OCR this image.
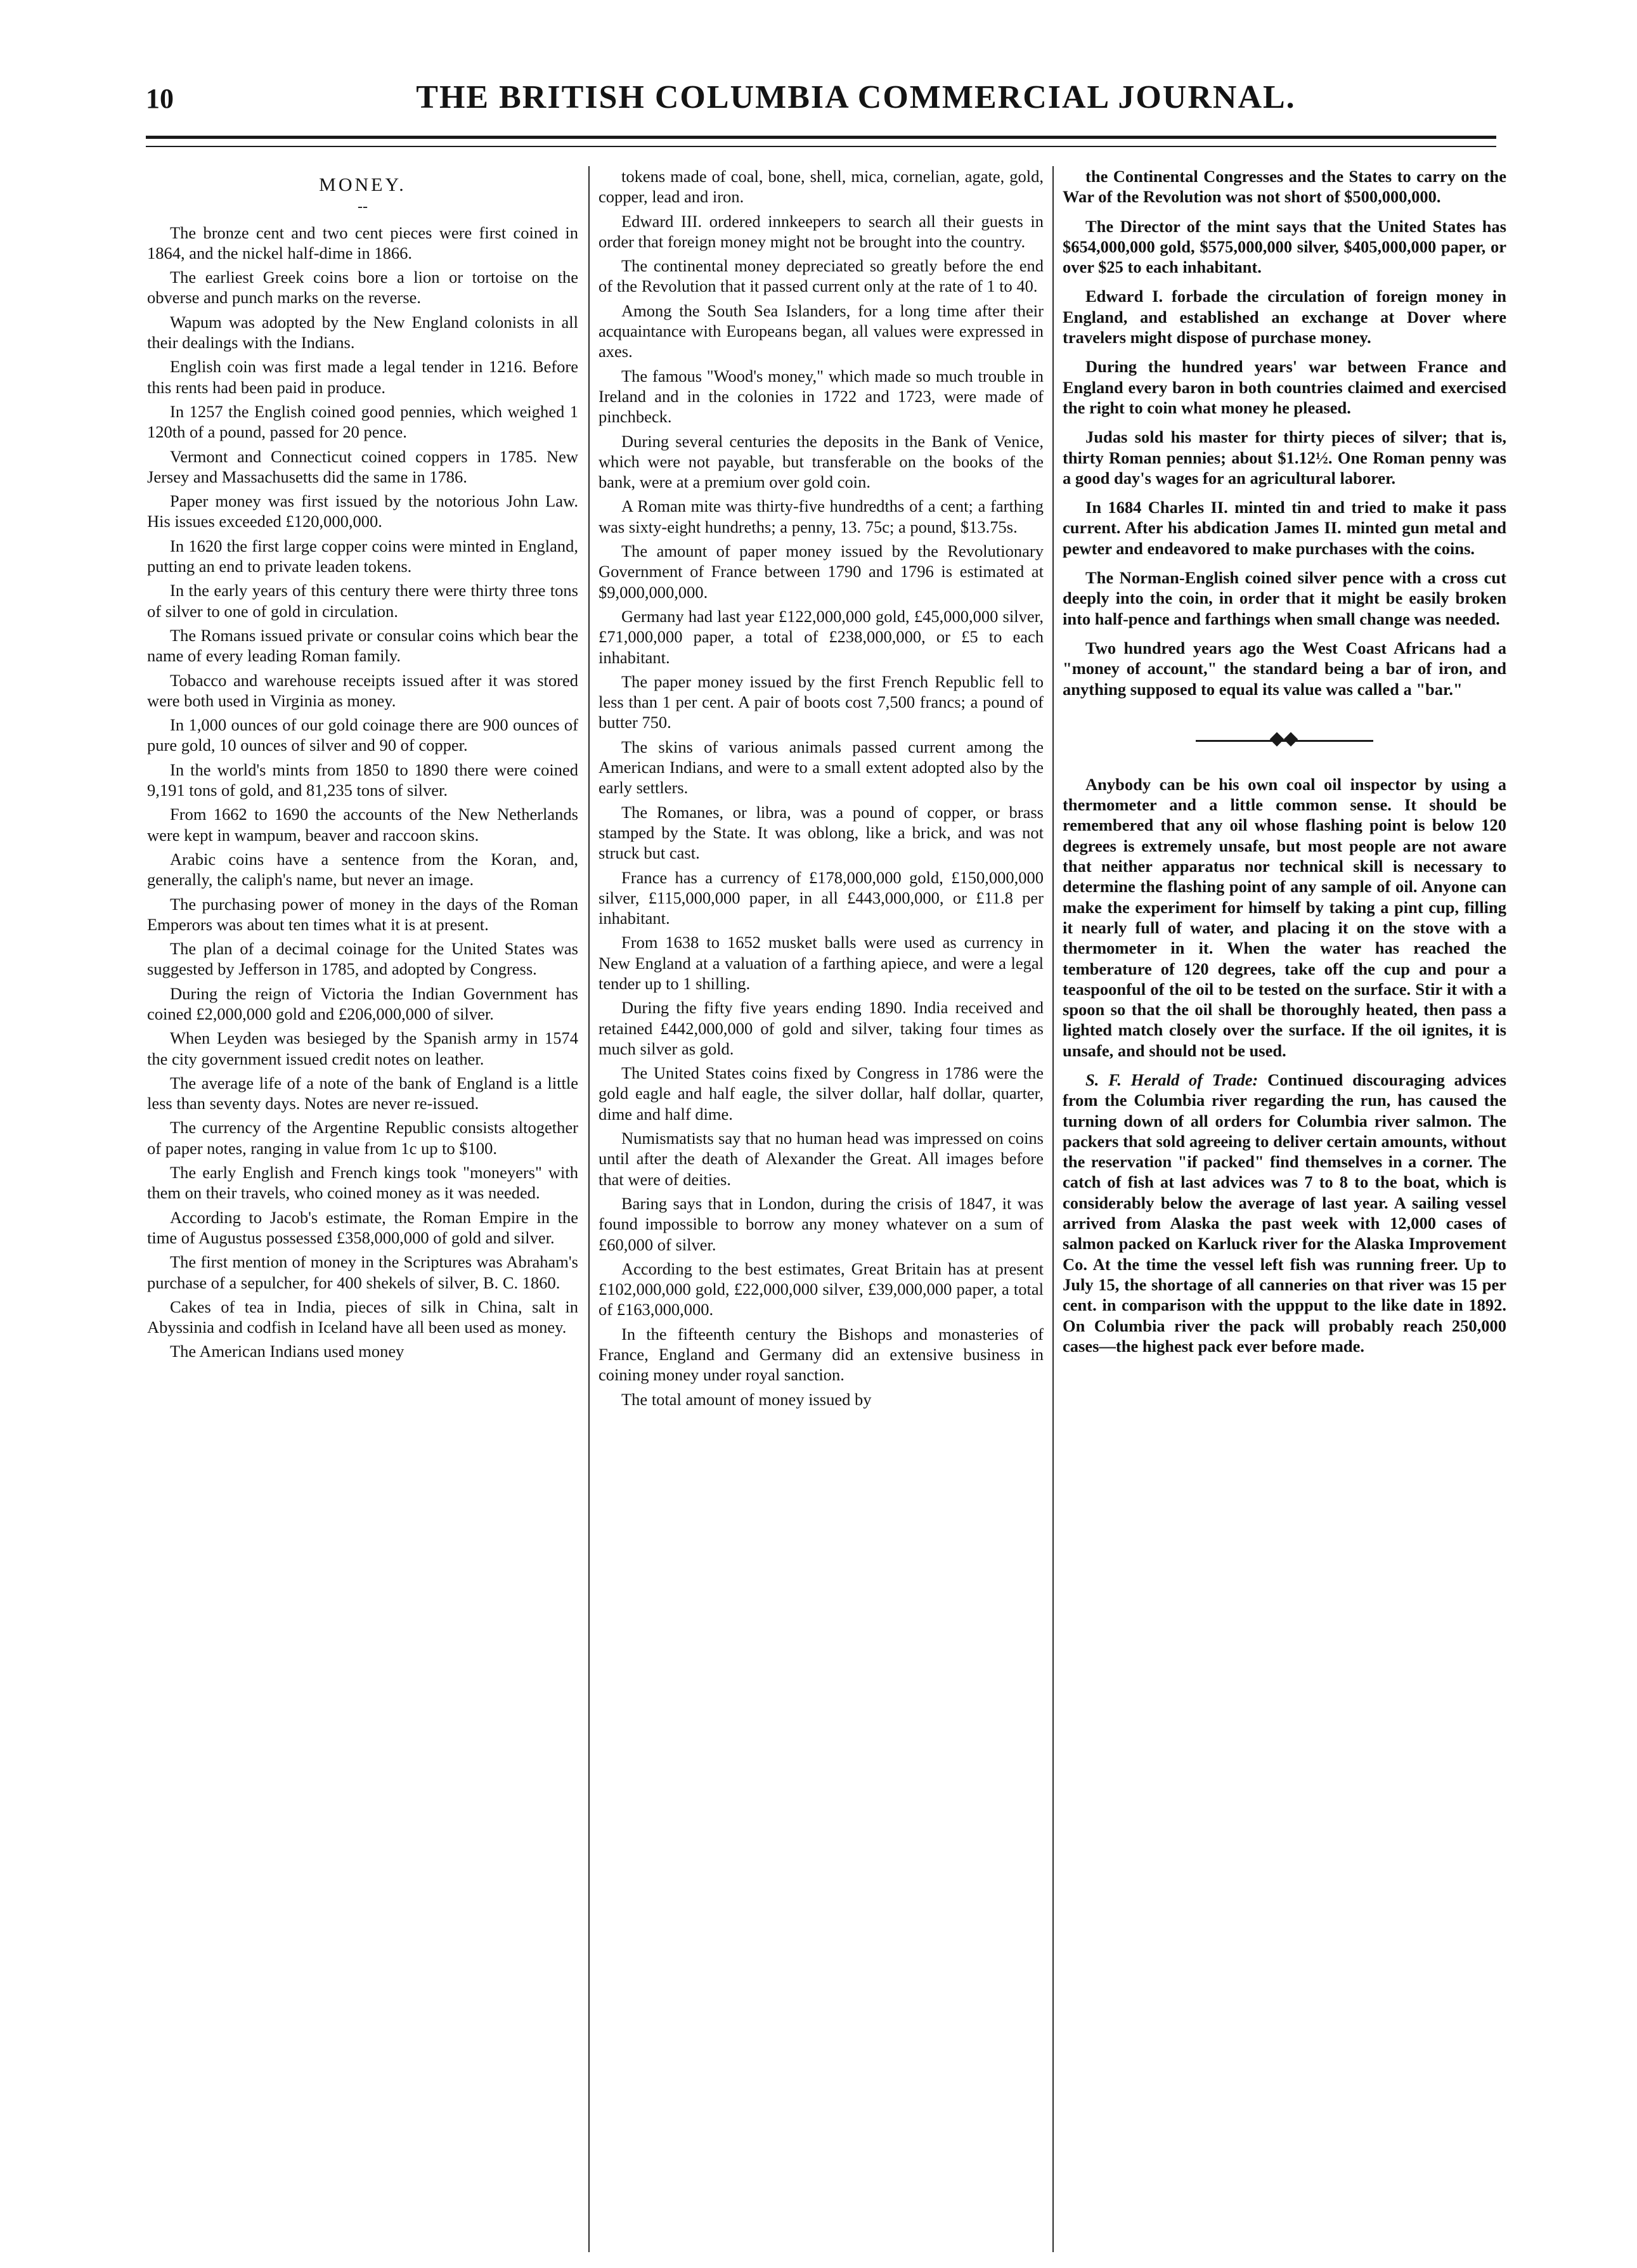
10	THE BRITISH COLUMBIA COMMERCIAL JOURNAL.
MONEY.
--

The bronze cent and two cent pieces were first coined in 1864, and the nickel half-dime in 1866.

The earliest Greek coins bore a lion or tortoise on the obverse and punch marks on the reverse.

Wapum was adopted by the New England colonists in all their dealings with the Indians.

English coin was first made a legal tender in 1216. Before this rents had been paid in produce.

In 1257 the English coined good pennies, which weighed 1 120th of a pound, passed for 20 pence.

Vermont and Connecticut coined coppers in 1785. New Jersey and Massachusetts did the same in 1786.

Paper money was first issued by the notorious John Law. His issues exceeded £120,000,000.

In 1620 the first large copper coins were minted in England, putting an end to private leaden tokens.

In the early years of this century there were thirty three tons of silver to one of gold in circulation.

The Romans issued private or consular coins which bear the name of every leading Roman family.

Tobacco and warehouse receipts issued after it was stored were both used in Virginia as money.

In 1,000 ounces of our gold coinage there are 900 ounces of pure gold, 10 ounces of silver and 90 of copper.

In the world's mints from 1850 to 1890 there were coined 9,191 tons of gold, and 81,235 tons of silver.

From 1662 to 1690 the accounts of the New Netherlands were kept in wampum, beaver and raccoon skins.

Arabic coins have a sentence from the Koran, and, generally, the caliph's name, but never an image.

The purchasing power of money in the days of the Roman Emperors was about ten times what it is at present.

The plan of a decimal coinage for the United States was suggested by Jefferson in 1785, and adopted by Congress.

During the reign of Victoria the Indian Government has coined £2,000,000 gold and £206,000,000 of silver.

When Leyden was besieged by the Spanish army in 1574 the city government issued credit notes on leather.

The average life of a note of the bank of England is a little less than seventy days. Notes are never re-issued.

The currency of the Argentine Republic consists altogether of paper notes, ranging in value from 1c up to $100.

The early English and French kings took "moneyers" with them on their travels, who coined money as it was needed.

According to Jacob's estimate, the Roman Empire in the time of Augustus possessed £358,000,000 of gold and silver.

The first mention of money in the Scriptures was Abraham's purchase of a sepulcher, for 400 shekels of silver, B. C. 1860.

Cakes of tea in India, pieces of silk in China, salt in Abyssinia and codfish in Iceland have all been used as money.

The American Indians used money

tokens made of coal, bone, shell, mica, cornelian, agate, gold, copper, lead and iron.

Edward III. ordered innkeepers to search all their guests in order that foreign money might not be brought into the country.

The continental money depreciated so greatly before the end of the Revolution that it passed current only at the rate of 1 to 40.

Among the South Sea Islanders, for a long time after their acquaintance with Europeans began, all values were expressed in axes.

The famous "Wood's money," which made so much trouble in Ireland and in the colonies in 1722 and 1723, were made of pinchbeck.

During several centuries the deposits in the Bank of Venice, which were not payable, but transferable on the books of the bank, were at a premium over gold coin.

A Roman mite was thirty-five hundredths of a cent; a farthing was sixty-eight hundreths; a penny, 13. 75c; a pound, $13.75s.

The amount of paper money issued by the Revolutionary Government of France between 1790 and 1796 is estimated at $9,000,000,000.

Germany had last year £122,000,000 gold, £45,000,000 silver, £71,000,000 paper, a total of £238,000,000, or £5 to each inhabitant.

The paper money issued by the first French Republic fell to less than 1 per cent. A pair of boots cost 7,500 francs; a pound of butter 750.

The skins of various animals passed current among the American Indians, and were to a small extent adopted also by the early settlers.

The Romanes, or libra, was a pound of copper, or brass stamped by the State. It was oblong, like a brick, and was not struck but cast.

France has a currency of £178,000,000 gold, £150,000,000 silver, £115,000,000 paper, in all £443,000,000, or £11.8 per inhabitant.

From 1638 to 1652 musket balls were used as currency in New England at a valuation of a farthing apiece, and were a legal tender up to 1 shilling.

During the fifty five years ending 1890. India received and retained £442,000,000 of gold and silver, taking four times as much silver as gold.

The United States coins fixed by Congress in 1786 were the gold eagle and half eagle, the silver dollar, half dollar, quarter, dime and half dime.

Numismatists say that no human head was impressed on coins until after the death of Alexander the Great. All images before that were of deities.

Baring says that in London, during the crisis of 1847, it was found impossible to borrow any money whatever on a sum of £60,000 of silver.

According to the best estimates, Great Britain has at present £102,000,000 gold, £22,000,000 silver, £39,000,000 paper, a total of £163,000,000.

In the fifteenth century the Bishops and monasteries of France, England and Germany did an extensive business in coining money under royal sanction.

The total amount of money issued by

the Continental Congresses and the States to carry on the War of the Revolution was not short of $500,000,000.

The Director of the mint says that the United States has $654,000,000 gold, $575,000,000 silver, $405,000,000 paper, or over $25 to each inhabitant.

Edward I. forbade the circulation of foreign money in England, and established an exchange at Dover where travelers might dispose of purchase money.

During the hundred years' war between France and England every baron in both countries claimed and exercised the right to coin what money he pleased.

Judas sold his master for thirty pieces of silver; that is, thirty Roman pennies; about $1.12½. One Roman penny was a good day's wages for an agricultural laborer.

In 1684 Charles II. minted tin and tried to make it pass current. After his abdication James II. minted gun metal and pewter and endeavored to make purchases with the coins.

The Norman-English coined silver pence with a cross cut deeply into the coin, in order that it might be easily broken into half-pence and farthings when small change was needed.

Two hundred years ago the West Coast Africans had a "money of account," the standard being a bar of iron, and anything supposed to equal its value was called a "bar."

Anybody can be his own coal oil inspector by using a thermometer and a little common sense. It should be remembered that any oil whose flashing point is below 120 degrees is extremely unsafe, but most people are not aware that neither apparatus nor technical skill is necessary to determine the flashing point of any sample of oil. Anyone can make the experiment for himself by taking a pint cup, filling it nearly full of water, and placing it on the stove with a thermometer in it. When the water has reached the temberature of 120 degrees, take off the cup and pour a teaspoonful of the oil to be tested on the surface. Stir it with a spoon so that the oil shall be thoroughly heated, then pass a lighted match closely over the surface. If the oil ignites, it is unsafe, and should not be used.

S. F. Herald of Trade: Continued discouraging advices from the Columbia river regarding the run, has caused the turning down of all orders for Columbia river salmon. The packers that sold agreeing to deliver certain amounts, without the reservation "if packed" find themselves in a corner. The catch of fish at last advices was 7 to 8 to the boat, which is considerably below the average of last year. A sailing vessel arrived from Alaska the past week with 12,000 cases of salmon packed on Karluck river for the Alaska Improvement Co. At the time the vessel left fish was running freer. Up to July 15, the shortage of all canneries on that river was 15 per cent. in comparison with the uppput to the like date in 1892. On Columbia river the pack will probably reach 250,000 cases—the highest pack ever before made.
